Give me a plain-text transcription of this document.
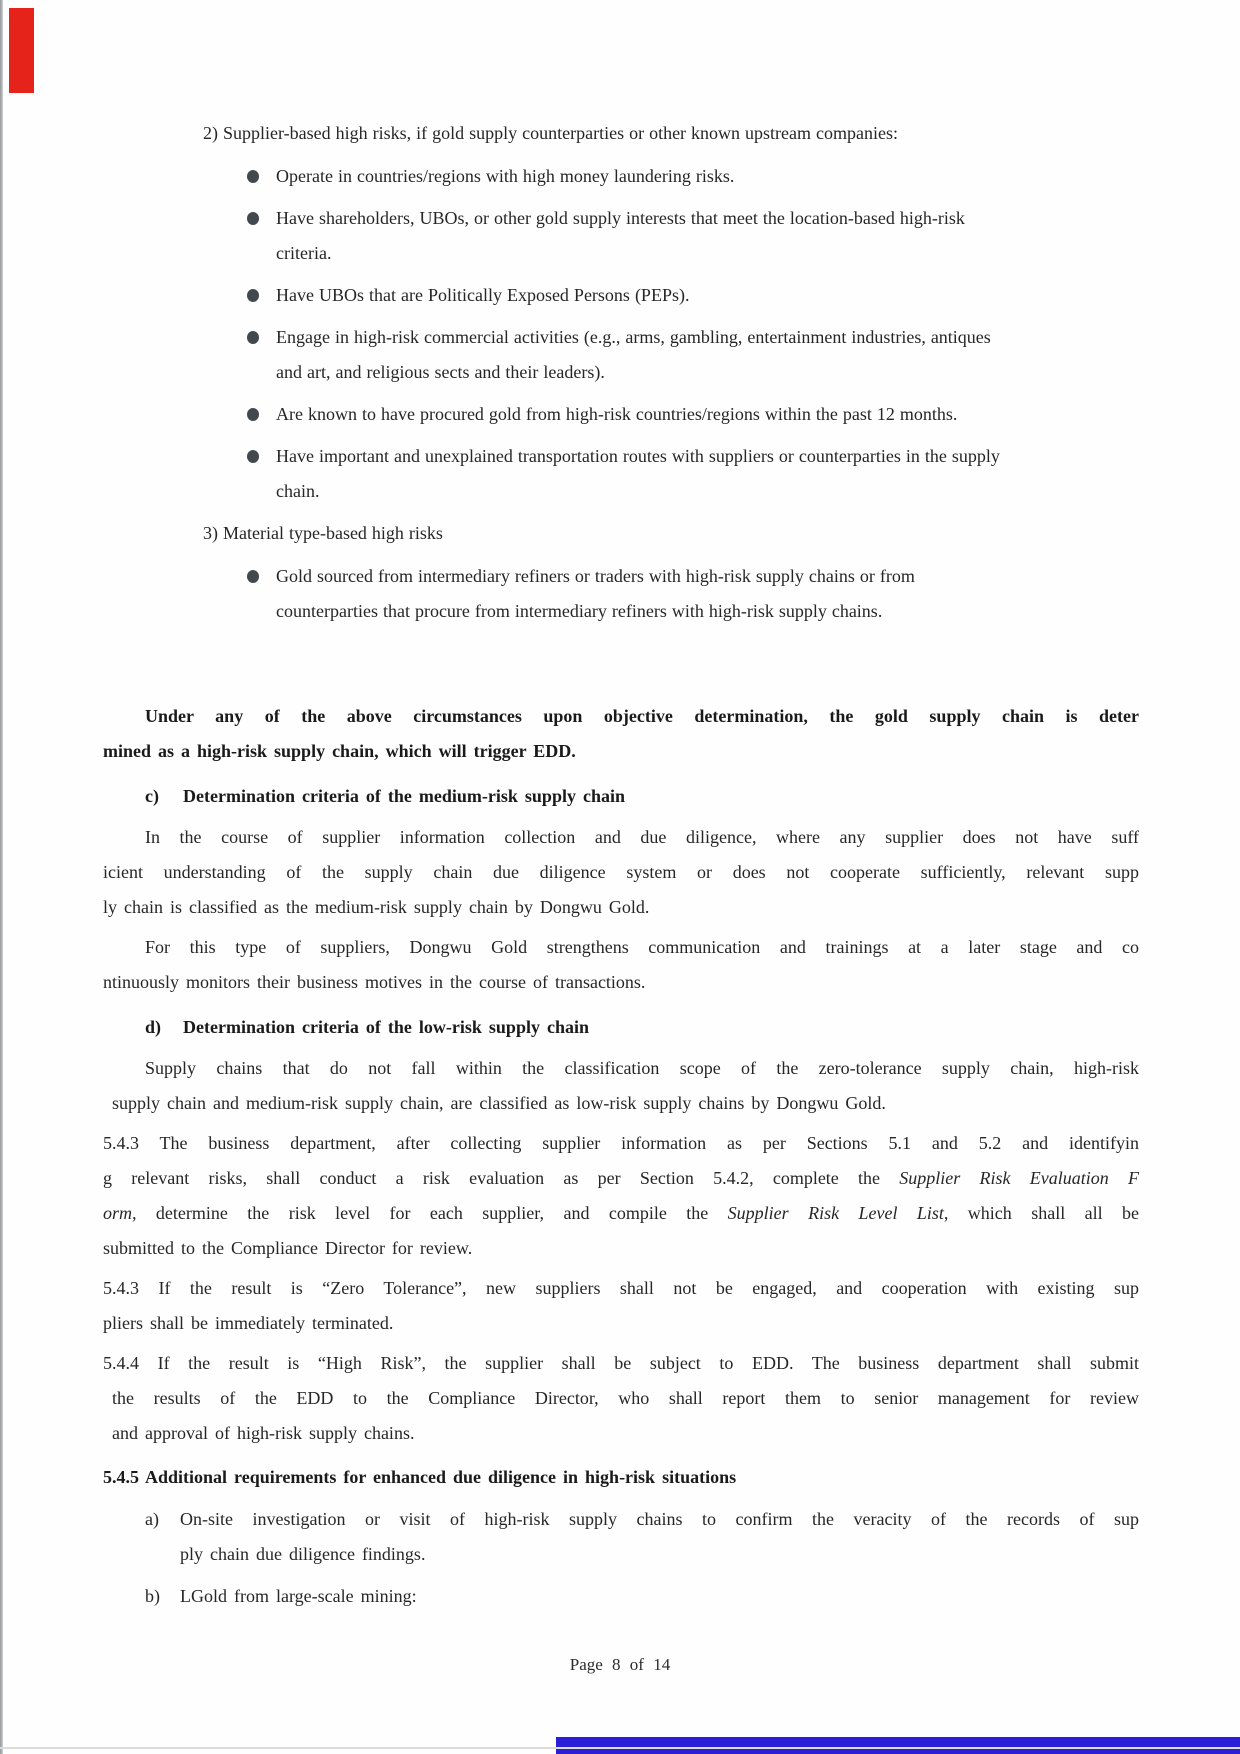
2) Supplier-based high risks, if gold supply counterparties or other known upstream companies:
Operate in countries/regions with high money laundering risks.
Have shareholders, UBOs, or other gold supply interests that meet the location-based high-risk
criteria.
Have UBOs that are Politically Exposed Persons (PEPs).
Engage in high-risk commercial activities (e.g., arms, gambling, entertainment industries, antiques
and art, and religious sects and their leaders).
Are known to have procured gold from high-risk countries/regions within the past 12 months.
Have important and unexplained transportation routes with suppliers or counterparties in the supply
chain.
3) Material type-based high risks
Gold sourced from intermediary refiners or traders with high-risk supply chains or from
counterparties that procure from intermediary refiners with high-risk supply chains.
Under any of the above circumstances upon objective determination, the gold supply chain is deter
mined as a high-risk supply chain, which will trigger EDD.
c) Determination criteria of the medium-risk supply chain
In the course of supplier information collection and due diligence, where any supplier does not have suff
icient understanding of the supply chain due diligence system or does not cooperate sufficiently, relevant supp
ly chain is classified as the medium-risk supply chain by Dongwu Gold.
For this type of suppliers, Dongwu Gold strengthens communication and trainings at a later stage and co
ntinuously monitors their business motives in the course of transactions.
d) Determination criteria of the low-risk supply chain
Supply chains that do not fall within the classification scope of the zero-tolerance supply chain, high-risk
supply chain and medium-risk supply chain, are classified as low-risk supply chains by Dongwu Gold.
5.4.3 The business department, after collecting supplier information as per Sections 5.1 and 5.2 and identifyin
g relevant risks, shall conduct a risk evaluation as per Section 5.4.2, complete the Supplier Risk Evaluation F
orm, determine the risk level for each supplier, and compile the Supplier Risk Level List, which shall all be
submitted to the Compliance Director for review.
5.4.3 If the result is “Zero Tolerance”, new suppliers shall not be engaged, and cooperation with existing sup
pliers shall be immediately terminated.
5.4.4 If the result is “High Risk”, the supplier shall be subject to EDD. The business department shall submit
the results of the EDD to the Compliance Director, who shall report them to senior management for review
and approval of high-risk supply chains.
5.4.5 Additional requirements for enhanced due diligence in high-risk situations
a)	On-site investigation or visit of high-risk supply chains to confirm the veracity of the records of sup
ply chain due diligence findings.
b)	LGold from large-scale mining:
Page 8 of 14
